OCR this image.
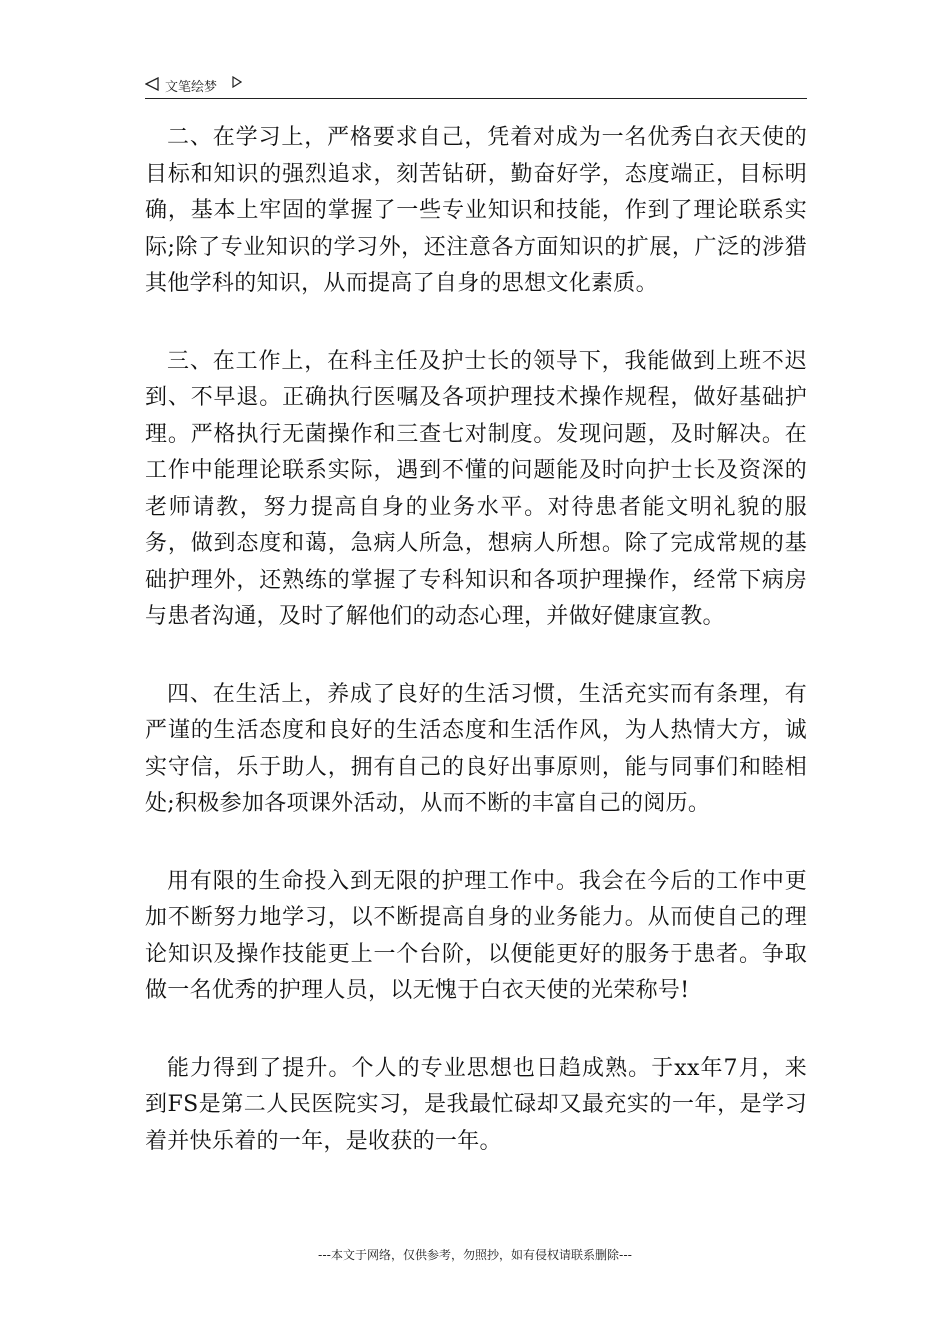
文笔绘梦

二、在学习上，严格要求自己，凭着对成为一名优秀白衣天使的目标和知识的强烈追求，刻苦钻研，勤奋好学，态度端正，目标明确，基本上牢固的掌握了一些专业知识和技能，作到了理论联系实际;除了专业知识的学习外，还注意各方面知识的扩展，广泛的涉猎其他学科的知识，从而提高了自身的思想文化素质。

三、在工作上，在科主任及护士长的领导下，我能做到上班不迟到、不早退。正确执行医嘱及各项护理技术操作规程，做好基础护理。严格执行无菌操作和三查七对制度。发现问题，及时解决。在工作中能理论联系实际，遇到不懂的问题能及时向护士长及资深的老师请教，努力提高自身的业务水平。对待患者能文明礼貌的服务，做到态度和蔼，急病人所急，想病人所想。除了完成常规的基础护理外，还熟练的掌握了专科知识和各项护理操作，经常下病房与患者沟通，及时了解他们的动态心理，并做好健康宣教。

四、在生活上，养成了良好的生活习惯，生活充实而有条理，有严谨的生活态度和良好的生活态度和生活作风，为人热情大方，诚实守信，乐于助人，拥有自己的良好出事原则，能与同事们和睦相处;积极参加各项课外活动，从而不断的丰富自己的阅历。

用有限的生命投入到无限的护理工作中。我会在今后的工作中更加不断努力地学习，以不断提高自身的业务能力。从而使自己的理论知识及操作技能更上一个台阶，以便能更好的服务于患者。争取做一名优秀的护理人员，以无愧于白衣天使的光荣称号!

能力得到了提升。个人的专业思想也日趋成熟。于xx年7月，来到FS是第二人民医院实习，是我最忙碌却又最充实的一年，是学习着并快乐着的一年，是收获的一年。

---本文于网络，仅供参考，勿照抄，如有侵权请联系删除---
